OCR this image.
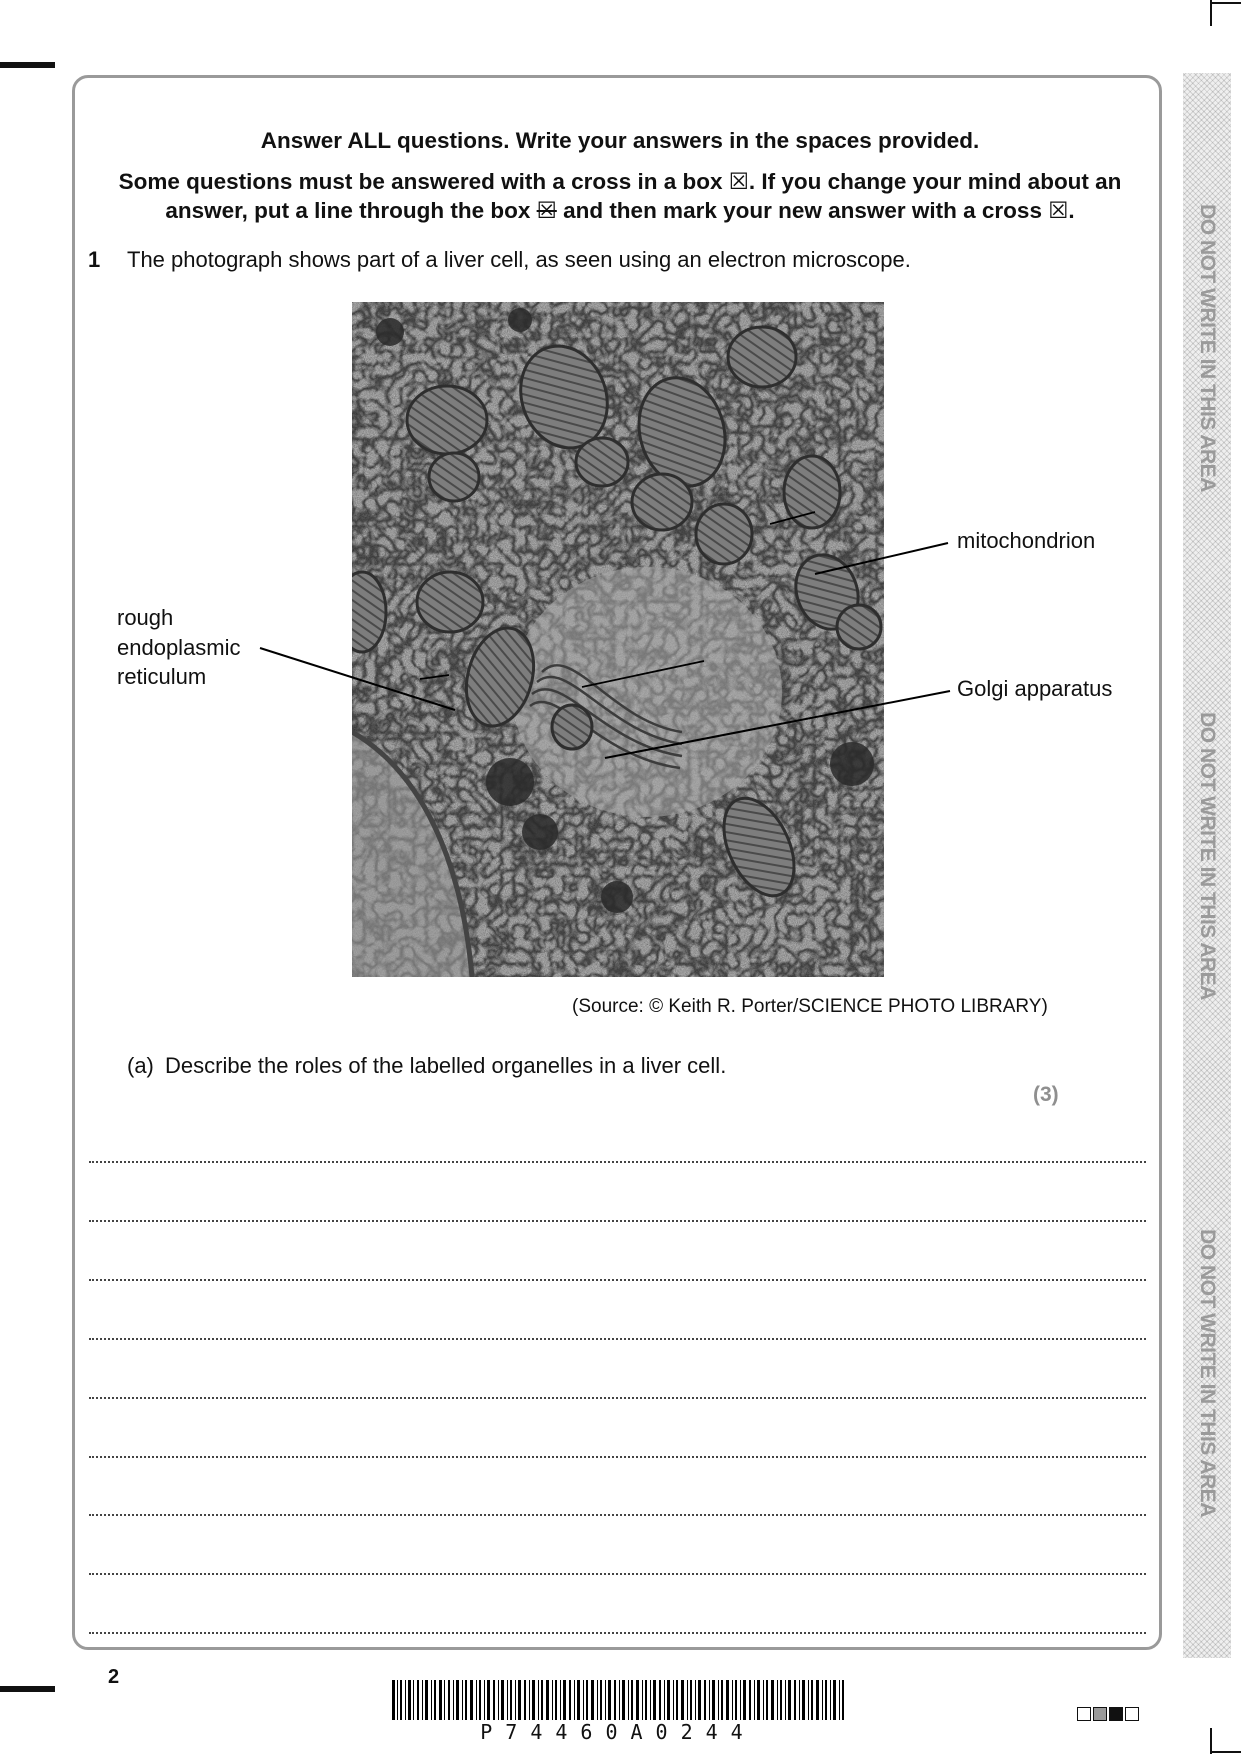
DO NOT WRITE IN THIS AREA
DO NOT WRITE IN THIS AREA
DO NOT WRITE IN THIS AREA
Answer ALL questions. Write your answers in the spaces provided.
Some questions must be answered with a cross in a box ☒. If you change your mind about an
answer, put a line through the box ☒ and then mark your new answer with a cross ☒.
1 The photograph shows part of a liver cell, as seen using an electron microscope.
rough
endoplasmic
reticulum
mitochondrion
Golgi apparatus
(Source: © Keith R. Porter/SCIENCE PHOTO LIBRARY)
(a) Describe the roles of the labelled organelles in a liver cell.
(3)
2
P74460A0244
